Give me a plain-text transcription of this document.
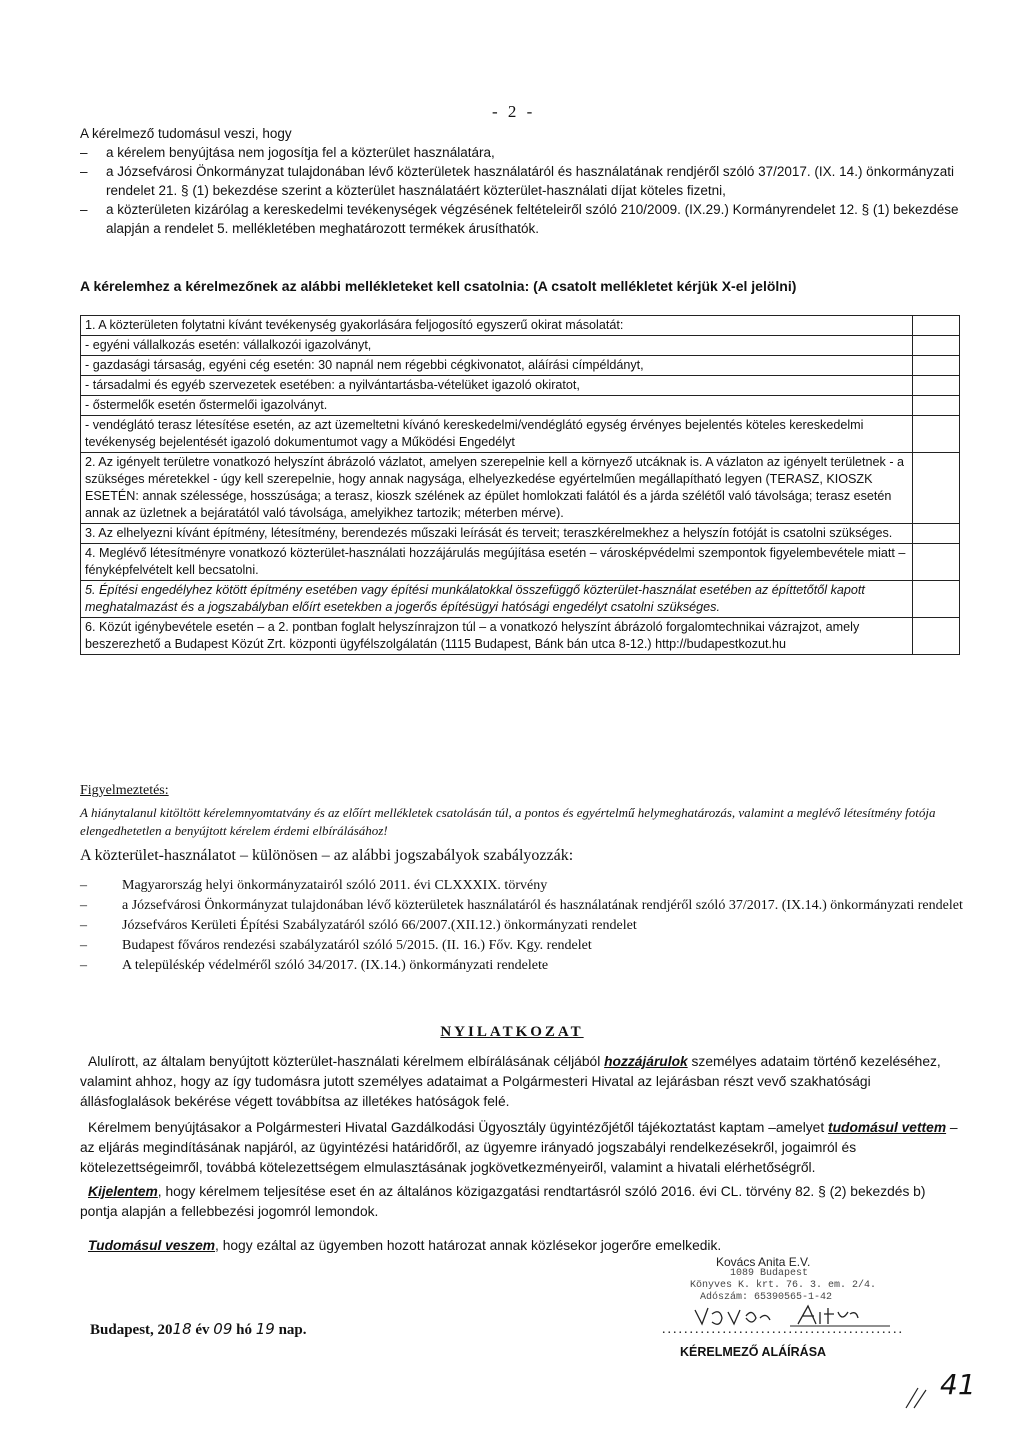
- 2 -
A kérelmező tudomásul veszi, hogy
– a kérelem benyújtása nem jogosítja fel a közterület használatára,
– a Józsefvárosi Önkormányzat tulajdonában lévő közterületek használatáról és használatának rendjéről szóló 37/2017. (IX. 14.) önkormányzati rendelet 21. § (1) bekezdése szerint a közterület használatáért közterület-használati díjat köteles fizetni,
– a közterületen kizárólag a kereskedelmi tevékenységek végzésének feltételeiről szóló 210/2009. (IX.29.) Kormányrendelet 12. § (1) bekezdése alapján a rendelet 5. mellékletében meghatározott termékek árusíthatók.
A kérelemhez a kérelmezőnek az alábbi mellékleteket kell csatolnia: (A csatolt mellékletet kérjük X-el jelölni)
1. A közterületen folytatni kívánt tevékenység gyakorlására feljogosító egyszerű okirat másolatát:	
- egyéni vállalkozás esetén: vállalkozói igazolványt,	
- gazdasági társaság, egyéni cég esetén: 30 napnál nem régebbi cégkivonatot, aláírási címpéldányt,	
- társadalmi és egyéb szervezetek esetében: a nyilvántartásba-vételüket igazoló okiratot,	
- őstermelők esetén őstermelői igazolványt.	
- vendéglátó terasz létesítése esetén, az azt üzemeltetni kívánó kereskedelmi/vendéglátó egység érvényes bejelentés köteles kereskedelmi tevékenység bejelentését igazoló dokumentumot vagy a Működési Engedélyt	
2. Az igényelt területre vonatkozó helyszínt ábrázoló vázlatot, amelyen szerepelnie kell a környező utcáknak is. A vázlaton az igényelt területnek - a szükséges méretekkel - úgy kell szerepelnie, hogy annak nagysága, elhelyezkedése egyértelműen megállapítható legyen (TERASZ, KIOSZK ESETÉN: annak szélessége, hosszúsága; a terasz, kioszk szélének az épület homlokzati falától és a járda szélétől való távolsága; terasz esetén annak az üzletnek a bejáratától való távolsága, amelyikhez tartozik; méterben mérve).	
3. Az elhelyezni kívánt építmény, létesítmény, berendezés műszaki leírását és terveit; teraszkérelmekhez a helyszín fotóját is csatolni szükséges.	
4. Meglévő létesítményre vonatkozó közterület-használati hozzájárulás megújítása esetén – városképvédelmi szempontok figyelembevétele miatt – fényképfelvételt kell becsatolni.	
5. Építési engedélyhez kötött építmény esetében vagy építési munkálatokkal összefüggő közterület-használat esetében az építtetőtől kapott meghatalmazást és a jogszabályban előírt esetekben a jogerős építésügyi hatósági engedélyt csatolni szükséges.	
6. Közút igénybevétele esetén – a 2. pontban foglalt helyszínrajzon túl – a vonatkozó helyszínt ábrázoló forgalomtechnikai vázrajzot, amely beszerezhető a Budapest Közút Zrt. központi ügyfélszolgálatán (1115 Budapest, Bánk bán utca 8-12.) http://budapestkozut.hu	
Figyelmeztetés:
A hiánytalanul kitöltött kérelemnyomtatvány és az előírt mellékletek csatolásán túl, a pontos és egyértelmű helymeghatározás, valamint a meglévő létesítmény fotója elengedhetetlen a benyújtott kérelem érdemi elbírálásához!
A közterület-használatot – különösen – az alábbi jogszabályok szabályozzák:
–	Magyarország helyi önkormányzatairól szóló 2011. évi CLXXXIX. törvény
–	a Józsefvárosi Önkormányzat tulajdonában lévő közterületek használatáról és használatának rendjéről szóló 37/2017. (IX.14.) önkormányzati rendelet
–	Józsefváros Kerületi Építési Szabályzatáról szóló 66/2007.(XII.12.) önkormányzati rendelet
–	Budapest főváros rendezési szabályzatáról szóló 5/2015. (II. 16.) Főv. Kgy. rendelet
–	A településkép védelméről szóló 34/2017. (IX.14.) önkormányzati rendelete
NYILATKOZAT
Alulírott, az általam benyújtott közterület-használati kérelmem elbírálásának céljából hozzájárulok személyes adataim történő kezeléséhez, valamint ahhoz, hogy az így tudomásra jutott személyes adataimat a Polgármesteri Hivatal az lejárásban részt vevő szakhatósági állásfoglalások bekérése végett továbbítsa az illetékes hatóságok felé.
Kérelmem benyújtásakor a Polgármesteri Hivatal Gazdálkodási Ügyosztály ügyintézőjétől tájékoztatást kaptam –amelyet tudomásul vettem – az eljárás megindításának napjáról, az ügyintézési határidőről, az ügyemre irányadó jogszabályi rendelkezésekről, jogaimról és kötelezettségeimről, továbbá kötelezettségem elmulasztásának jogkövetkezményeiről, valamint a hivatali elérhetőségről.
Kijelentem, hogy kérelmem teljesítése eset én az általános közigazgatási rendtartásról szóló 2016. évi CL. törvény 82. § (2) bekezdés b) pontja alapján a fellebbezési jogomról lemondok.
Tudomásul veszem, hogy ezáltal az ügyemben hozott határozat annak közlésekor jogerőre emelkedik.
Kovács Anita E.V.
1089 Budapest
Könyves K. krt. 76. 3. em. 2/4.
Adószám: 65390565-1-42
............................................
KÉRELMEZŐ ALÁÍRÁSA
Budapest, 2018 év 09 hó 19 nap.
41
